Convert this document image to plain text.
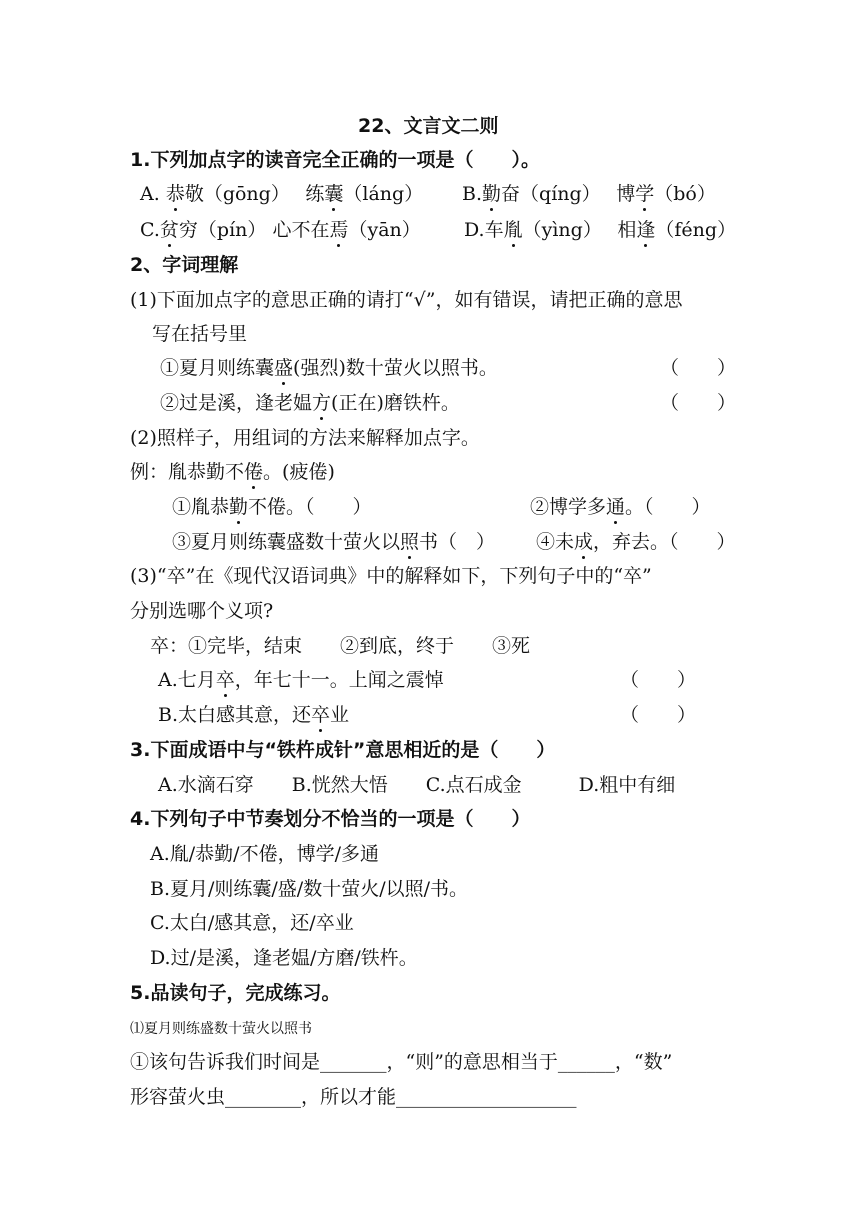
22、文言文二则
1.下列加点字的读音完全正确的一项是（　　）。
A. 恭敬（gōng）　 练囊（láng） B.勤奋（qíng）　 博学（bó）
C.贫穷（pín） 心不在焉（yān） D.车胤（yìng）　 相逢（féng）
2、字词理解
(1)下面加点字的意思正确的请打“√”，如有错误，请把正确的意思
写在括号里
①夏月则练囊盛(强烈)数十萤火以照书。	（　　）
②过是溪，逢老媪方(正在)磨铁杵。	（　　）
(2)照样子，用组词的方法来解释加点字。
例：胤恭勤不倦。(疲倦)
①胤恭勤不倦。（　　）	②博学多通。（　　）
③夏月则练囊盛数十萤火以照书（　） ④未成，弃去。（　　）
(3)“卒”在《现代汉语词典》中的解释如下，下列句子中的“卒”
分别选哪个义项?
卒：①完毕，结束　　②到底，终于　　③死
A.七月卒，年七十一。上闻之震悼	（　　）
B.太白感其意，还卒业	（　　）
3.下面成语中与“铁杵成针”意思相近的是（　　）
A.水滴石穿　　B.恍然大悟　　C.点石成金　　　D.粗中有细
4.下列句子中节奏划分不恰当的一项是（　　）
A.胤/恭勤/不倦，博学/多通
B.夏月/则练囊/盛/数十萤火/以照/书。
C.太白/感其意，还/卒业
D.过/是溪，逢老媪/方磨/铁杵。
5.品读句子，完成练习。
⑴夏月则练盛数十萤火以照书
①该句告诉我们时间是_______，“则”的意思相当于______，“数”
形容萤火虫________，所以才能___________________
